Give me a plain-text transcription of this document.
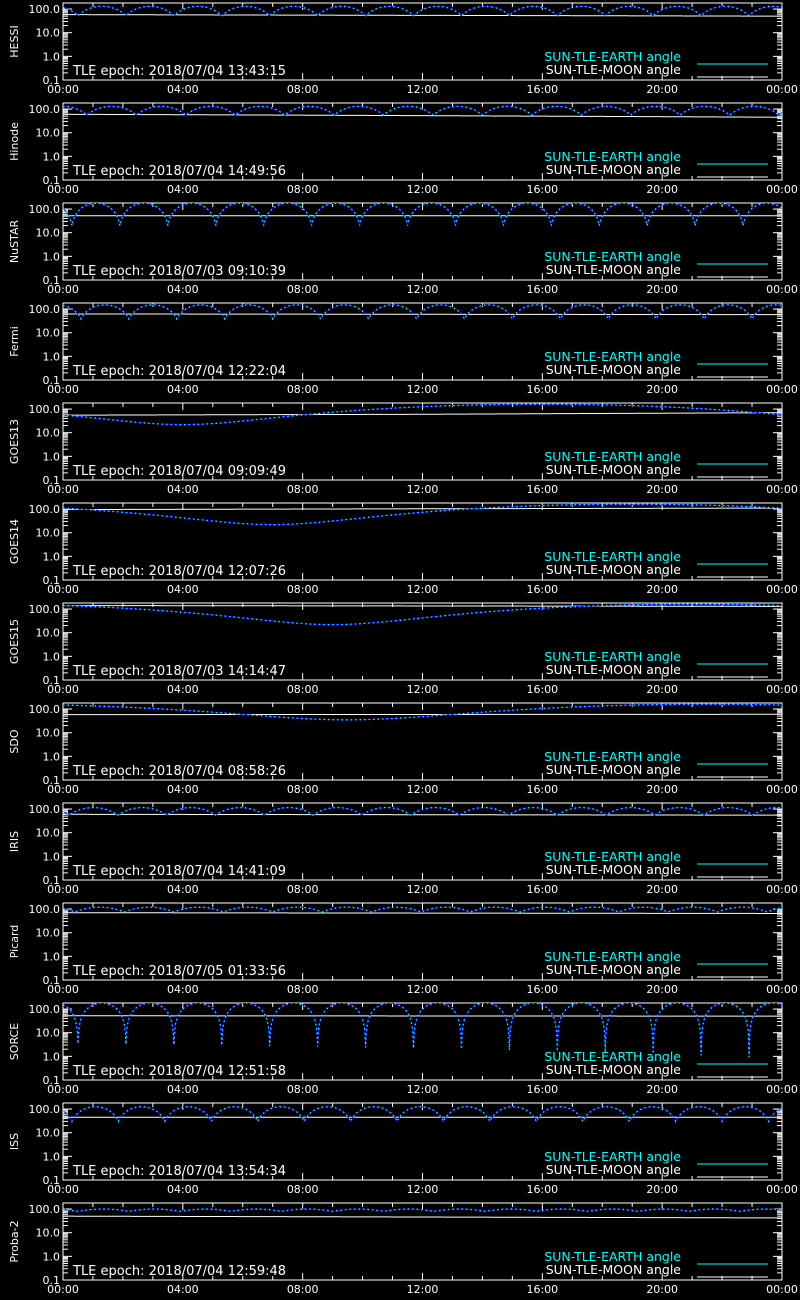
100.0
10.0
1.0
0.1
00:00	04:00	08:00	12:00	16:00	20:00	00:00
HESSI
TLE epoch: 2018/07/04 13:43:15
SUN-TLE-EARTH angle
SUN-TLE-MOON angle
100.0
10.0
1.0
0.1
00:00	04:00	08:00	12:00	16:00	20:00	00:00
Hinode
TLE epoch: 2018/07/04 14:49:56
SUN-TLE-EARTH angle
SUN-TLE-MOON angle
100.0
10.0
1.0
0.1
00:00	04:00	08:00	12:00	16:00	20:00	00:00
NuSTAR
TLE epoch: 2018/07/03 09:10:39
SUN-TLE-EARTH angle
SUN-TLE-MOON angle
100.0
10.0
1.0
0.1
00:00	04:00	08:00	12:00	16:00	20:00	00:00
Fermi
TLE epoch: 2018/07/04 12:22:04
SUN-TLE-EARTH angle
SUN-TLE-MOON angle
100.0
10.0
1.0
0.1
00:00	04:00	08:00	12:00	16:00	20:00	00:00
GOES13
TLE epoch: 2018/07/04 09:09:49
SUN-TLE-EARTH angle
SUN-TLE-MOON angle
100.0
10.0
1.0
0.1
00:00	04:00	08:00	12:00	16:00	20:00	00:00
GOES14
TLE epoch: 2018/07/04 12:07:26
SUN-TLE-EARTH angle
SUN-TLE-MOON angle
100.0
10.0
1.0
0.1
00:00	04:00	08:00	12:00	16:00	20:00	00:00
GOES15
TLE epoch: 2018/07/03 14:14:47
SUN-TLE-EARTH angle
SUN-TLE-MOON angle
100.0
10.0
1.0
0.1
00:00	04:00	08:00	12:00	16:00	20:00	00:00
SDO
TLE epoch: 2018/07/04 08:58:26
SUN-TLE-EARTH angle
SUN-TLE-MOON angle
100.0
10.0
1.0
0.1
00:00	04:00	08:00	12:00	16:00	20:00	00:00
IRIS
TLE epoch: 2018/07/04 14:41:09
SUN-TLE-EARTH angle
SUN-TLE-MOON angle
100.0
10.0
1.0
0.1
00:00	04:00	08:00	12:00	16:00	20:00	00:00
Picard
TLE epoch: 2018/07/05 01:33:56
SUN-TLE-EARTH angle
SUN-TLE-MOON angle
100.0
10.0
1.0
0.1
00:00	04:00	08:00	12:00	16:00	20:00	00:00
SORCE
TLE epoch: 2018/07/04 12:51:58
SUN-TLE-EARTH angle
SUN-TLE-MOON angle
100.0
10.0
1.0
0.1
00:00	04:00	08:00	12:00	16:00	20:00	00:00
ISS
TLE epoch: 2018/07/04 13:54:34
SUN-TLE-EARTH angle
SUN-TLE-MOON angle
100.0
10.0
1.0
0.1
00:00	04:00	08:00	12:00	16:00	20:00	00:00
Proba-2
TLE epoch: 2018/07/04 12:59:48
SUN-TLE-EARTH angle
SUN-TLE-MOON angle
